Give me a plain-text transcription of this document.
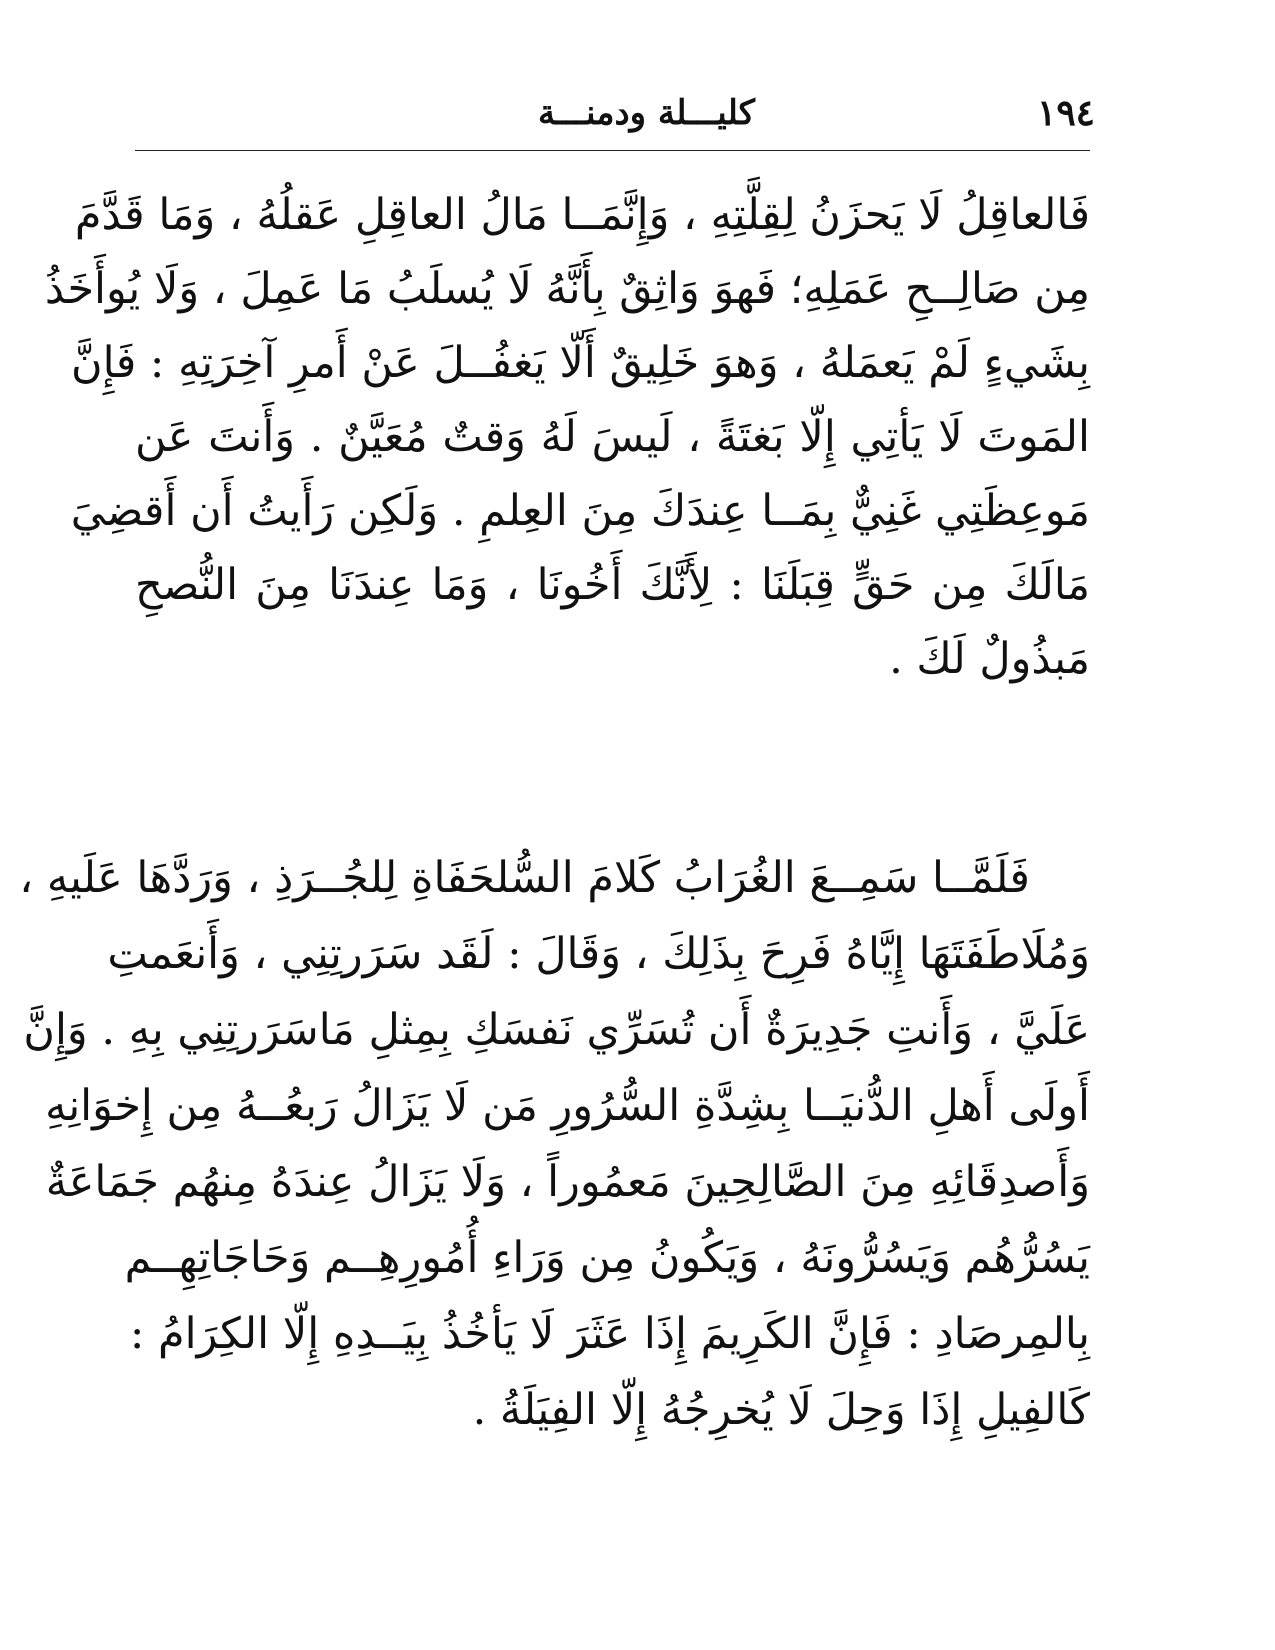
١٩٤
كليـــلة ودمنـــة
فَالعاقِلُ لَا يَحزَنُ لِقِلَّتِهِ ، وَإِنَّمَــا مَالُ العاقِلِ عَقلُهُ ، وَمَا قَدَّمَ
مِن صَالِــحِ عَمَلِهِ؛ فَهوَ وَاثِقٌ بِأَنَّهُ لَا يُسلَبُ مَا عَمِلَ ، وَلَا يُوأَخَذُ
بِشَيءٍ لَمْ يَعمَلهُ ، وَهوَ خَلِيقٌ أَلّا يَغفُــلَ عَنْ أَمرِ آخِرَتِهِ : فَإِنَّ
المَوتَ لَا يَأتِي إِلّا بَغتَةً ، لَيسَ لَهُ وَقتٌ مُعَيَّنٌ . وَأَنتَ عَن
مَوعِظَتِي غَنِيٌّ بِمَــا عِندَكَ مِنَ العِلمِ . وَلَكِن رَأَيتُ أَن أَقضِيَ
مَالَكَ مِن حَقٍّ قِبَلَنَا : لِأَنَّكَ أَخُونَا ، وَمَا عِندَنَا مِنَ النُّصحِ
مَبذُولٌ لَكَ .
فَلَمَّــا سَمِــعَ الغُرَابُ كَلامَ السُّلحَفَاةِ لِلجُــرَذِ ، وَرَدَّهَا عَلَيهِ ،
وَمُلَاطَفَتَهَا إِيَّاهُ فَرِحَ بِذَلِكَ ، وَقَالَ : لَقَد سَرَرتِنِي ، وَأَنعَمتِ
عَلَيَّ ، وَأَنتِ جَدِيرَةٌ أَن تُسَرِّي نَفسَكِ بِمِثلِ مَاسَرَرتِنِي بِهِ . وَإِنَّ
أَولَى أَهلِ الدُّنيَــا بِشِدَّةِ السُّرُورِ مَن لَا يَزَالُ رَبعُــهُ مِن إِخوَانِهِ
وَأَصدِقَائِهِ مِنَ الصَّالِحِينَ مَعمُوراً ، وَلَا يَزَالُ عِندَهُ مِنهُم جَمَاعَةٌ
يَسُرُّهُم وَيَسُرُّونَهُ ، وَيَكُونُ مِن وَرَاءِ أُمُورِهِــم وَحَاجَاتِهِــم
بِالمِرصَادِ : فَإِنَّ الكَرِيمَ إِذَا عَثَرَ لَا يَأخُذُ بِيَــدِهِ إِلّا الكِرَامُ :
كَالفِيلِ إِذَا وَحِلَ لَا يُخرِجُهُ إِلّا الفِيَلَةُ .
